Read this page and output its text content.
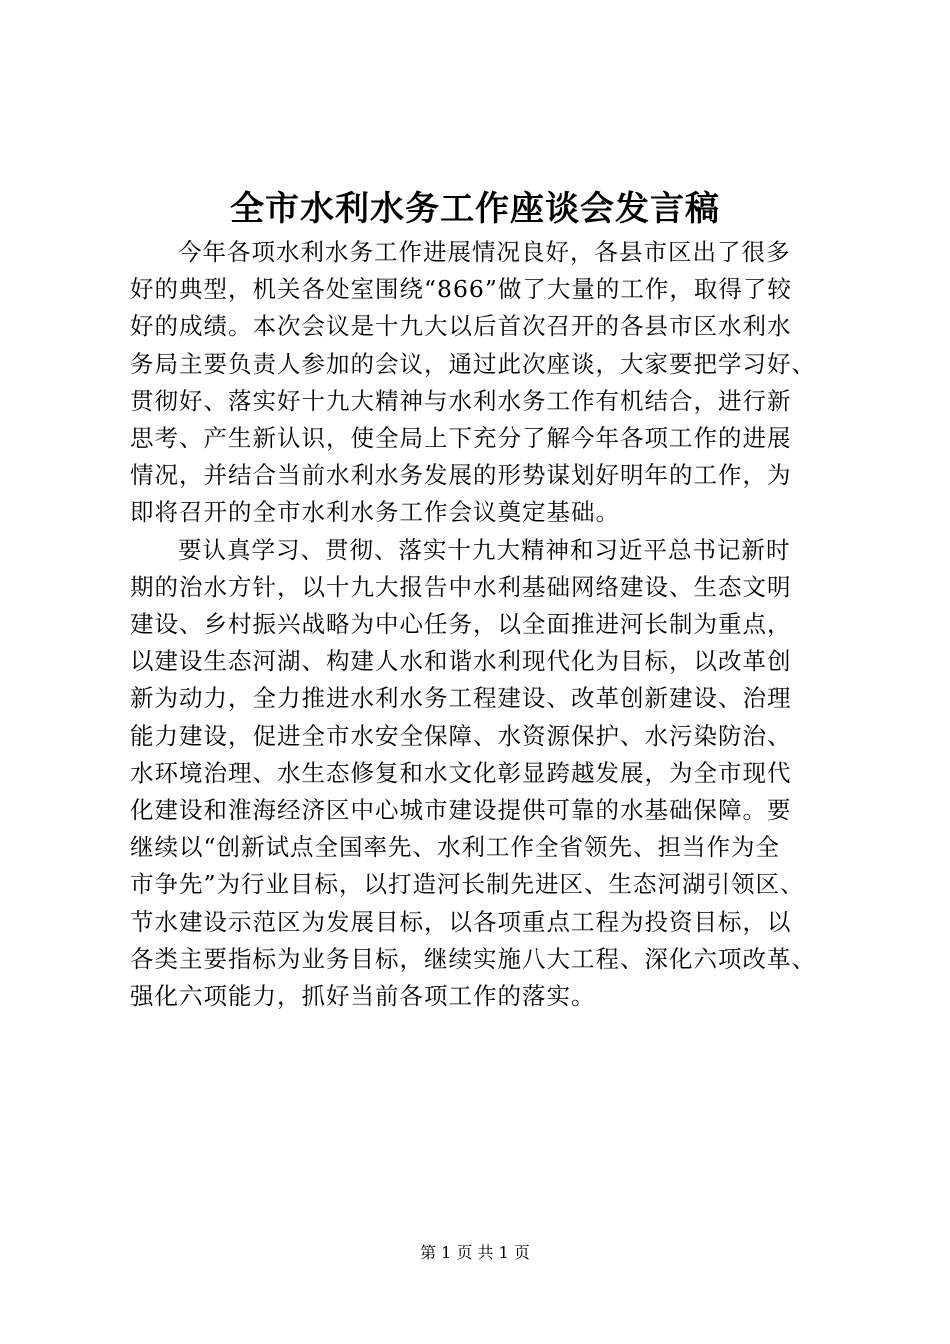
全市水利水务工作座谈会发言稿

今年各项水利水务工作进展情况良好，各县市区出了很多
好的典型，机关各处室围绕“866”做了大量的工作，取得了较
好的成绩。本次会议是十九大以后首次召开的各县市区水利水
务局主要负责人参加的会议，通过此次座谈，大家要把学习好、
贯彻好、落实好十九大精神与水利水务工作有机结合，进行新
思考、产生新认识，使全局上下充分了解今年各项工作的进展
情况，并结合当前水利水务发展的形势谋划好明年的工作，为
即将召开的全市水利水务工作会议奠定基础。

要认真学习、贯彻、落实十九大精神和习近平总书记新时
期的治水方针，以十九大报告中水利基础网络建设、生态文明
建设、乡村振兴战略为中心任务，以全面推进河长制为重点，
以建设生态河湖、构建人水和谐水利现代化为目标，以改革创
新为动力，全力推进水利水务工程建设、改革创新建设、治理
能力建设，促进全市水安全保障、水资源保护、水污染防治、
水环境治理、水生态修复和水文化彰显跨越发展，为全市现代
化建设和淮海经济区中心城市建设提供可靠的水基础保障。要
继续以“创新试点全国率先、水利工作全省领先、担当作为全
市争先”为行业目标，以打造河长制先进区、生态河湖引领区、
节水建设示范区为发展目标，以各项重点工程为投资目标，以
各类主要指标为业务目标，继续实施八大工程、深化六项改革、
强化六项能力，抓好当前各项工作的落实。

第 1 页 共 1 页
